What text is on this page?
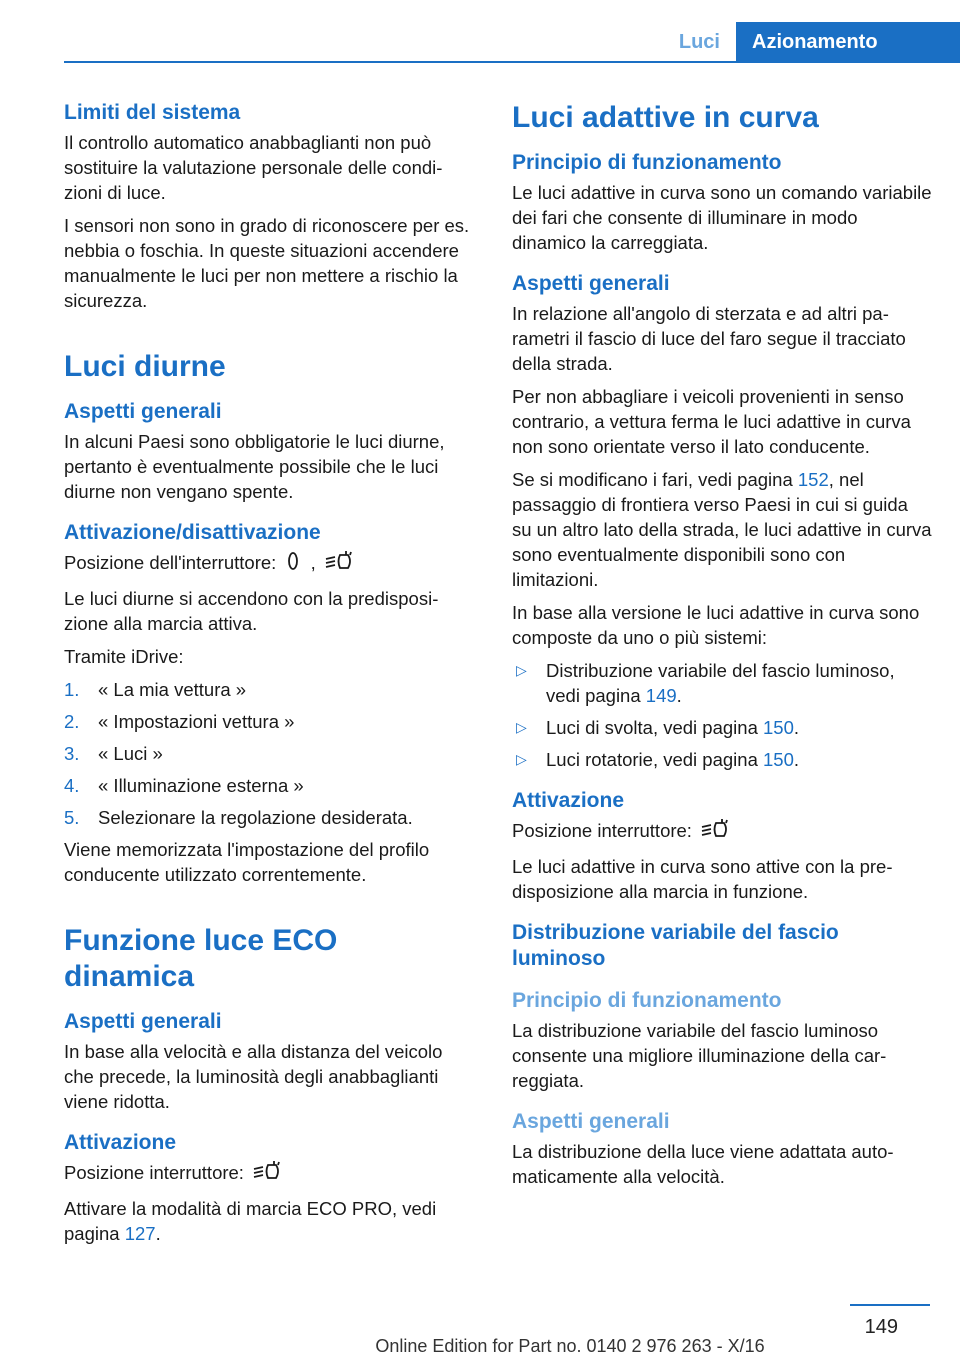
Luci	Azionamento
Limiti del sistema
Il controllo automatico anabbaglianti non può sostituire la valutazione personale delle condizioni di luce.
I sensori non sono in grado di riconoscere per es. nebbia o foschia. In queste situazioni accendere manualmente le luci per non mettere a rischio la sicurezza.
Luci diurne
Aspetti generali
In alcuni Paesi sono obbligatorie le luci diurne, pertanto è eventualmente possibile che le luci diurne non vengano spente.
Attivazione/disattivazione
Posizione dell'interruttore: ,
Le luci diurne si accendono con la predisposizione alla marcia attiva.
Tramite iDrive:
1.	« La mia vettura »
2.	« Impostazioni vettura »
3.	« Luci »
4.	« Illuminazione esterna »
5.	Selezionare la regolazione desiderata.
Viene memorizzata l'impostazione del profilo conducente utilizzato correntemente.
Funzione luce ECO dinamica
Aspetti generali
In base alla velocità e alla distanza del veicolo che precede, la luminosità degli anabbaglianti viene ridotta.
Attivazione
Posizione interruttore:
Attivare la modalità di marcia ECO PRO, vedi pagina 127.
Luci adattive in curva
Principio di funzionamento
Le luci adattive in curva sono un comando variabile dei fari che consente di illuminare in modo dinamico la carreggiata.
Aspetti generali
In relazione all'angolo di sterzata e ad altri parametri il fascio di luce del faro segue il tracciato della strada.
Per non abbagliare i veicoli provenienti in senso contrario, a vettura ferma le luci adattive in curva non sono orientate verso il lato conducente.
Se si modificano i fari, vedi pagina 152, nel passaggio di frontiera verso Paesi in cui si guida su un altro lato della strada, le luci adattive in curva sono eventualmente disponibili sono con limitazioni.
In base alla versione le luci adattive in curva sono composte da uno o più sistemi:
▷	Distribuzione variabile del fascio luminoso, vedi pagina 149.
▷	Luci di svolta, vedi pagina 150.
▷	Luci rotatorie, vedi pagina 150.
Attivazione
Posizione interruttore:
Le luci adattive in curva sono attive con la predisposizione alla marcia in funzione.
Distribuzione variabile del fascio luminoso
Principio di funzionamento
La distribuzione variabile del fascio luminoso consente una migliore illuminazione della carreggiata.
Aspetti generali
La distribuzione della luce viene adattata automaticamente alla velocità.
149
Online Edition for Part no. 0140 2 976 263 - X/16
